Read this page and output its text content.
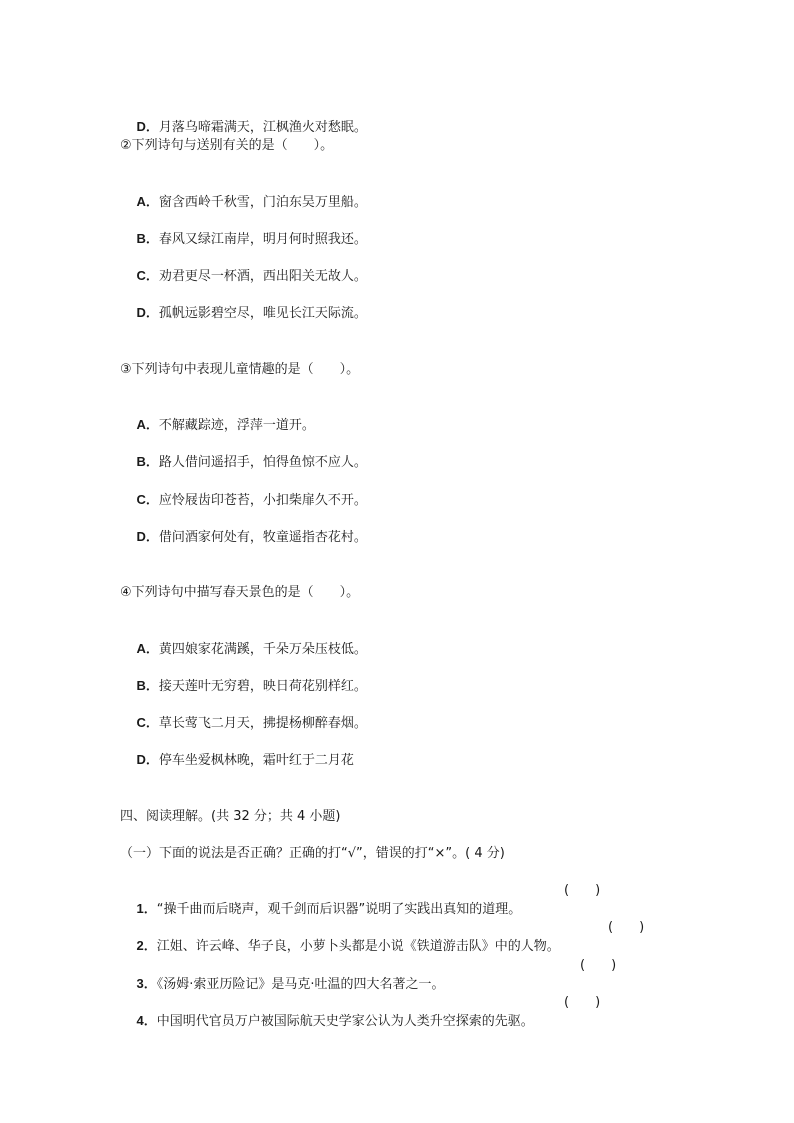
D．月落乌啼霜满天，江枫渔火对愁眠。

②下列诗句与送别有关的是（　　）。

A．窗含西岭千秋雪，门泊东吴万里船。

B．春风又绿江南岸，明月何时照我还。

C．劝君更尽一杯酒，西出阳关无故人。

D．孤帆远影碧空尽，唯见长江天际流。

③下列诗句中表现儿童情趣的是（　　）。

A．不解藏踪迹，浮萍一道开。

B．路人借问遥招手，怕得鱼惊不应人。

C．应怜屐齿印苍苔，小扣柴扉久不开。

D．借问酒家何处有，牧童遥指杏花村。

④下列诗句中描写春天景色的是（　　）。

A．黄四娘家花满蹊，千朵万朵压枝低。

B．接天莲叶无穷碧，映日荷花别样红。

C．草长莺飞二月天，拂提杨柳醉春烟。

D．停车坐爱枫林晚，霜叶红于二月花

四、阅读理解。(共 32 分；共 4 小题)
（一）下面的说法是否正确？正确的打“√”，错误的打“×”。( 4 分)

1．“操千曲而后晓声，观千剑而后识器”说明了实践出真知的道理。

(　　)

2．江姐、许云峰、华子良，小萝卜头都是小说《铁道游击队》中的人物。

(　　)

3．《汤姆·索亚历险记》是马克·吐温的四大名著之一。

(　　)

4．中国明代官员万户被国际航天史学家公认为人类升空探索的先驱。

(　　)
